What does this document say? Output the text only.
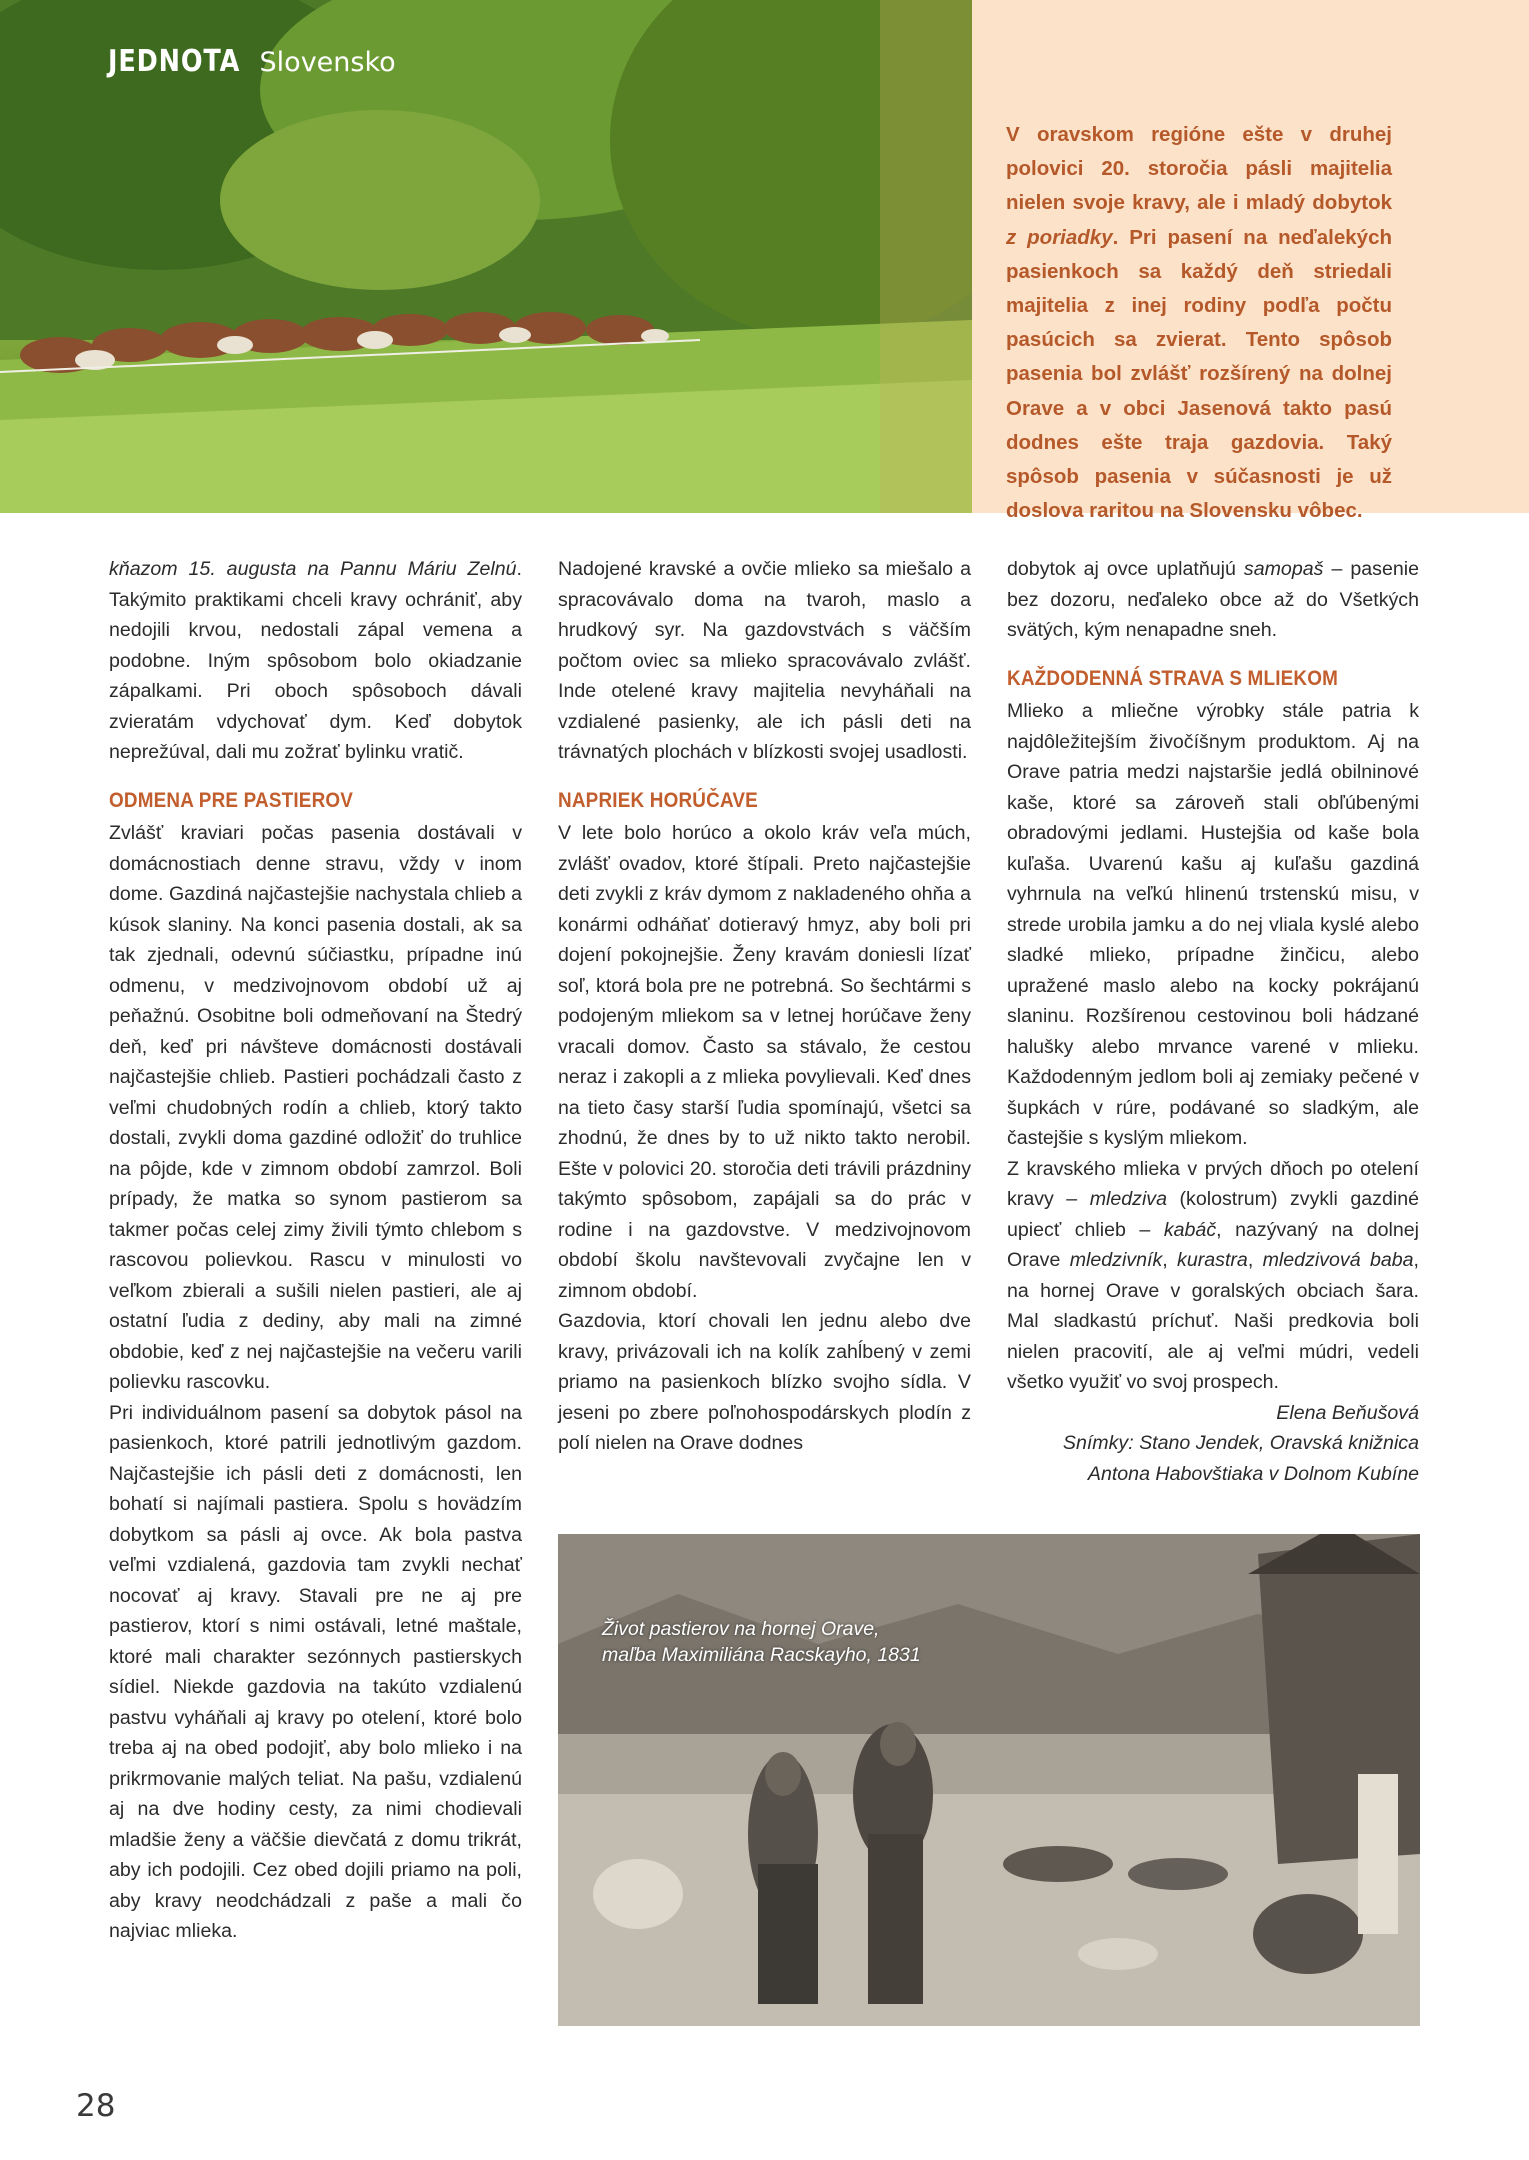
JEDNOTA Slovensko
V oravskom regióne ešte v druhej polovici 20. storočia pásli majitelia nielen svoje kravy, ale i mladý dobytok z poriadky. Pri pasení na neďalekých pasienkoch sa každý deň striedali majitelia z inej rodiny podľa počtu pasúcich sa zvierat. Tento spôsob pasenia bol zvlášť rozšírený na dolnej Orave a v obci Jasenová takto pasú dodnes ešte traja gazdovia. Taký spôsob pasenia v súčasnosti je už doslova raritou na Slovensku vôbec.

kňazom 15. augusta na Pannu Máriu Zelnú. Takýmito praktikami chceli kravy ochrániť, aby nedojili krvou, nedostali zápal vemena a podobne. Iným spôsobom bolo okiadzanie zápalkami. Pri oboch spôsoboch dávali zvieratám vdychovať dym. Keď dobytok neprežúval, dali mu zožrať bylinku vratič.

ODMENA PRE PASTIEROV

Zvlášť kraviari počas pasenia dostávali v domácnostiach denne stravu, vždy v inom dome. Gazdiná najčastejšie nachystala chlieb a kúsok slaniny. Na konci pasenia dostali, ak sa tak zjednali, odevnú súčiastku, prípadne inú odmenu, v medzivojnovom období už aj peňažnú. Osobitne boli odmeňovaní na Štedrý deň, keď pri návšteve domácnosti dostávali najčastejšie chlieb. Pastieri pochádzali často z veľmi chudobných rodín a chlieb, ktorý takto dostali, zvykli doma gazdiné odložiť do truhlice na pôjde, kde v zimnom období zamrzol. Boli prípady, že matka so synom pastierom sa takmer počas celej zimy živili týmto chlebom s rascovou polievkou. Rascu v minulosti vo veľkom zbierali a sušili nielen pastieri, ale aj ostatní ľudia z dediny, aby mali na zimné obdobie, keď z nej najčastejšie na večeru varili polievku rascovku.

Pri individuálnom pasení sa dobytok pásol na pasienkoch, ktoré patrili jednotlivým gazdom. Najčastejšie ich pásli deti z domácnosti, len bohatí si najímali pastiera. Spolu s hovädzím dobytkom sa pásli aj ovce. Ak bola pastva veľmi vzdialená, gazdovia tam zvykli nechať nocovať aj kravy. Stavali pre ne aj pre pastierov, ktorí s nimi ostávali, letné maštale, ktoré mali charakter sezónnych pastierskych sídiel. Niekde gazdovia na takúto vzdialenú pastvu vyháňali aj kravy po otelení, ktoré bolo treba aj na obed podojiť, aby bolo mlieko i na prikrmovanie malých teliat. Na pašu, vzdialenú aj na dve hodiny cesty, za nimi chodievali mladšie ženy a väčšie dievčatá z domu trikrát, aby ich podojili. Cez obed dojili priamo na poli, aby kravy neodchádzali z paše a mali čo najviac mlieka.

Nadojené kravské a ovčie mlieko sa miešalo a spracovávalo doma na tvaroh, maslo a hrudkový syr. Na gazdovstvách s väčším počtom oviec sa mlieko spracovávalo zvlášť. Inde otelené kravy majitelia nevyháňali na vzdialené pasienky, ale ich pásli deti na trávnatých plochách v blízkosti svojej usadlosti.

NAPRIEK HORÚČAVE

V lete bolo horúco a okolo kráv veľa múch, zvlášť ovadov, ktoré štípali. Preto najčastejšie deti zvykli z kráv dymom z nakladeného ohňa a konármi odháňať dotieravý hmyz, aby boli pri dojení pokojnejšie. Ženy kravám doniesli lízať soľ, ktorá bola pre ne potrebná. So šechtármi s podojeným mliekom sa v letnej horúčave ženy vracali domov. Často sa stávalo, že cestou neraz i zakopli a z mlieka povylievali. Keď dnes na tieto časy starší ľudia spomínajú, všetci sa zhodnú, že dnes by to už nikto takto nerobil. Ešte v polovici 20. storočia deti trávili prázdniny takýmto spôsobom, zapájali sa do prác v rodine i na gazdovstve. V medzivojnovom období školu navštevovali zvyčajne len v zimnom období.

Gazdovia, ktorí chovali len jednu alebo dve kravy, privázovali ich na kolík zahĺbený v zemi priamo na pasienkoch blízko svojho sídla. V jeseni po zbere poľnohospodárskych plodín z polí nielen na Orave dodnes

dobytok aj ovce uplatňujú samopaš – pasenie bez dozoru, neďaleko obce až do Všetkých svätých, kým nenapadne sneh.

KAŽDODENNÁ STRAVA S MLIEKOM

Mlieko a mliečne výrobky stále patria k najdôležitejším živočíšnym produktom. Aj na Orave patria medzi najstaršie jedlá obilninové kaše, ktoré sa zároveň stali obľúbenými obradovými jedlami. Hustejšia od kaše bola kuľaša. Uvarenú kašu aj kuľašu gazdiná vyhrnula na veľkú hlinenú trstenskú misu, v strede urobila jamku a do nej vliala kyslé alebo sladké mlieko, prípadne žinčicu, alebo upražené maslo alebo na kocky pokrájanú slaninu. Rozšírenou cestovinou boli hádzané halušky alebo mrvance varené v mlieku. Každodenným jedlom boli aj zemiaky pečené v šupkách v rúre, podávané so sladkým, ale častejšie s kyslým mliekom.

Z kravského mlieka v prvých dňoch po otelení kravy – mledziva (kolostrum) zvykli gazdiné upiecť chlieb – kabáč, nazývaný na dolnej Orave mledzivník, kurastra, mledzivová baba, na hornej Orave v goralských obciach šara. Mal sladkastú príchuť. Naši predkovia boli nielen pracovití, ale aj veľmi múdri, vedeli všetko využiť vo svoj prospech.

Elena Beňušová

Snímky: Stano Jendek, Oravská knižnica

Antona Habovštiaka v Dolnom Kubíne

Život pastierov na hornej Orave,
maľba Maximiliána Racskayho, 1831
28
